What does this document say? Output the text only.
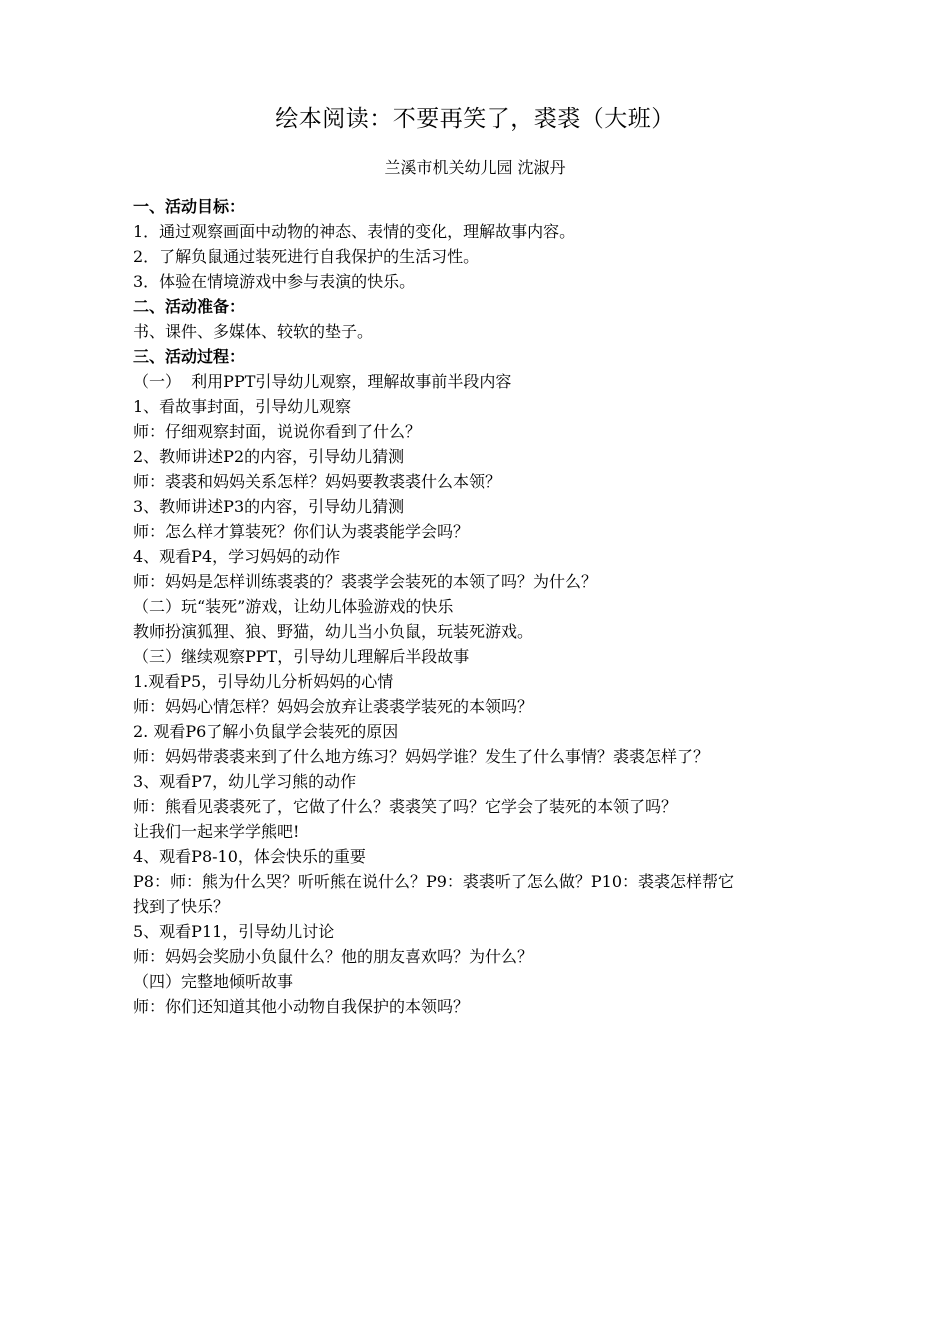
绘本阅读：不要再笑了，裘裘（大班）
兰溪市机关幼儿园 沈淑丹
一、活动目标：
1．通过观察画面中动物的神态、表情的变化，理解故事内容。
2．了解负鼠通过装死进行自我保护的生活习性。
3．体验在情境游戏中参与表演的快乐。
二、活动准备：
书、课件、多媒体、较软的垫子。
三、活动过程：
（一）  利用PPT引导幼儿观察，理解故事前半段内容
1、看故事封面，引导幼儿观察
师：仔细观察封面，说说你看到了什么？
2、教师讲述P2的内容，引导幼儿猜测
师：裘裘和妈妈关系怎样？妈妈要教裘裘什么本领？
3、教师讲述P3的内容，引导幼儿猜测
师：怎么样才算装死？你们认为裘裘能学会吗？
4、观看P4，学习妈妈的动作
师：妈妈是怎样训练裘裘的？裘裘学会装死的本领了吗？为什么？
（二）玩“装死”游戏，让幼儿体验游戏的快乐
教师扮演狐狸、狼、野猫，幼儿当小负鼠，玩装死游戏。
（三）继续观察PPT，引导幼儿理解后半段故事
1.观看P5，引导幼儿分析妈妈的心情
师：妈妈心情怎样？妈妈会放弃让裘裘学装死的本领吗？
2. 观看P6了解小负鼠学会装死的原因
师：妈妈带裘裘来到了什么地方练习？妈妈学谁？发生了什么事情？裘裘怎样了？
3、观看P7，幼儿学习熊的动作
师：熊看见裘裘死了，它做了什么？裘裘笑了吗？它学会了装死的本领了吗？
让我们一起来学学熊吧!
4、观看P8-10，体会快乐的重要
P8：师：熊为什么哭？听听熊在说什么？P9：裘裘听了怎么做？P10：裘裘怎样帮它
找到了快乐？
5、观看P11，引导幼儿讨论
师：妈妈会奖励小负鼠什么？他的朋友喜欢吗？为什么？
（四）完整地倾听故事
师：你们还知道其他小动物自我保护的本领吗？
